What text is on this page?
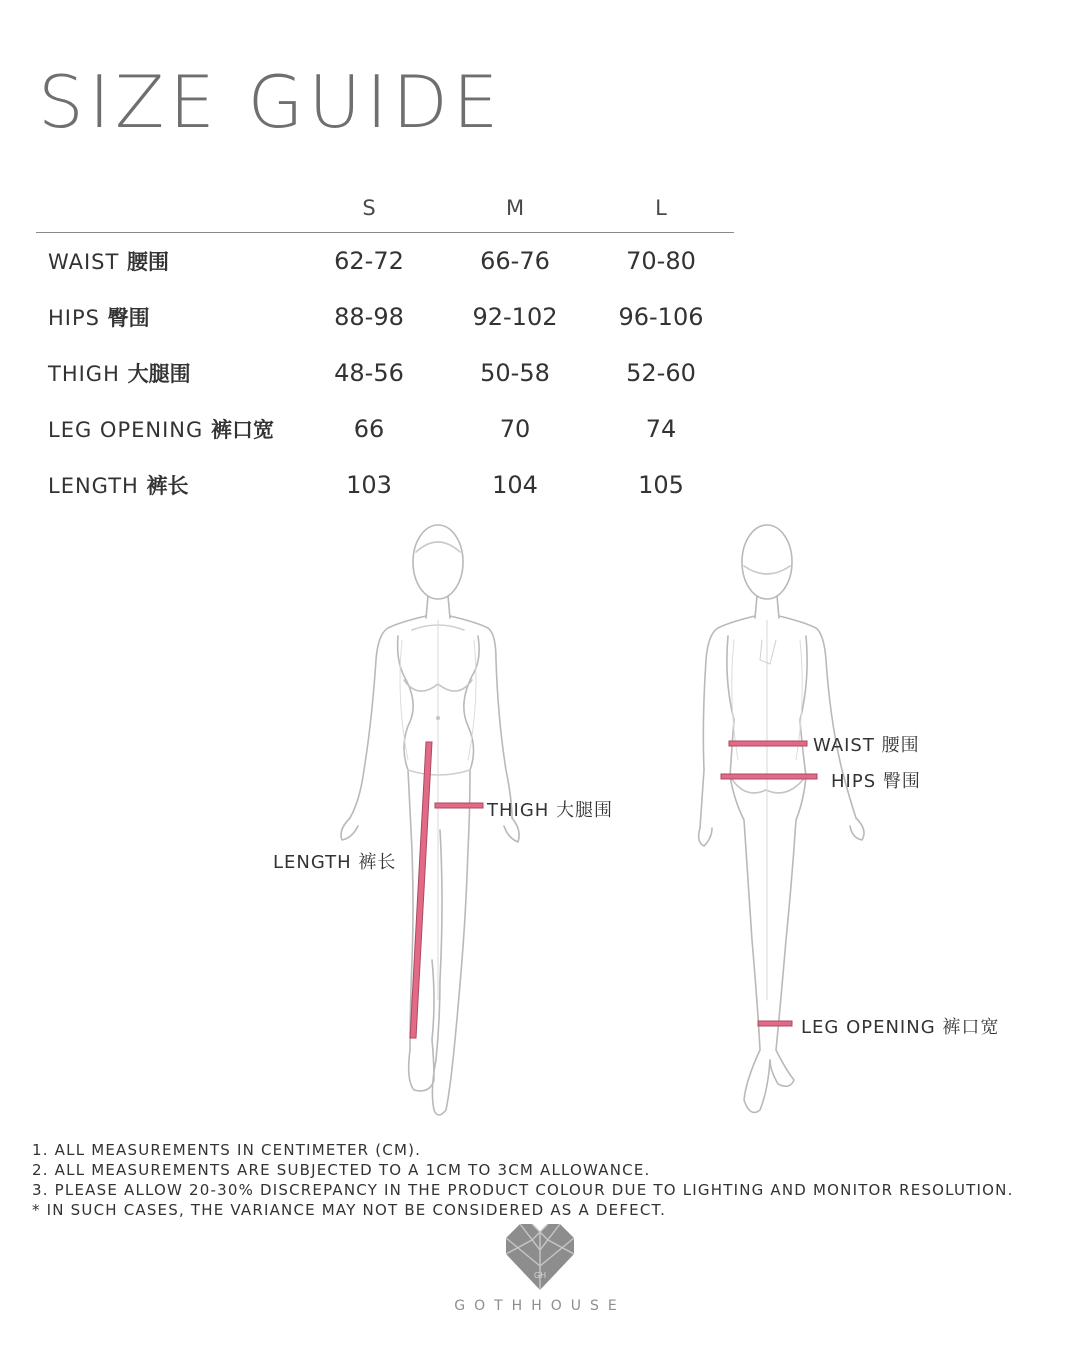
SIZE GUIDE
	S	M	L
WAIST 腰围	62-72	66-76	70-80
HIPS 臀围	88-98	92-102	96-106
THIGH 大腿围	48-56	50-58	52-60
LEG OPENING 裤口宽	66	70	74
LENGTH 裤长	103	104	105
THIGH 大腿围
LENGTH 裤长
WAIST 腰围
HIPS 臀围
LEG OPENING 裤口宽
1. ALL MEASUREMENTS IN CENTIMETER (CM).
2. ALL MEASUREMENTS ARE SUBJECTED TO A 1CM TO 3CM ALLOWANCE.
3. PLEASE ALLOW 20-30% DISCREPANCY IN THE PRODUCT COLOUR DUE TO LIGHTING AND MONITOR RESOLUTION.
* IN SUCH CASES, THE VARIANCE MAY NOT BE CONSIDERED AS A DEFECT.
GH
GOTHHOUSE
